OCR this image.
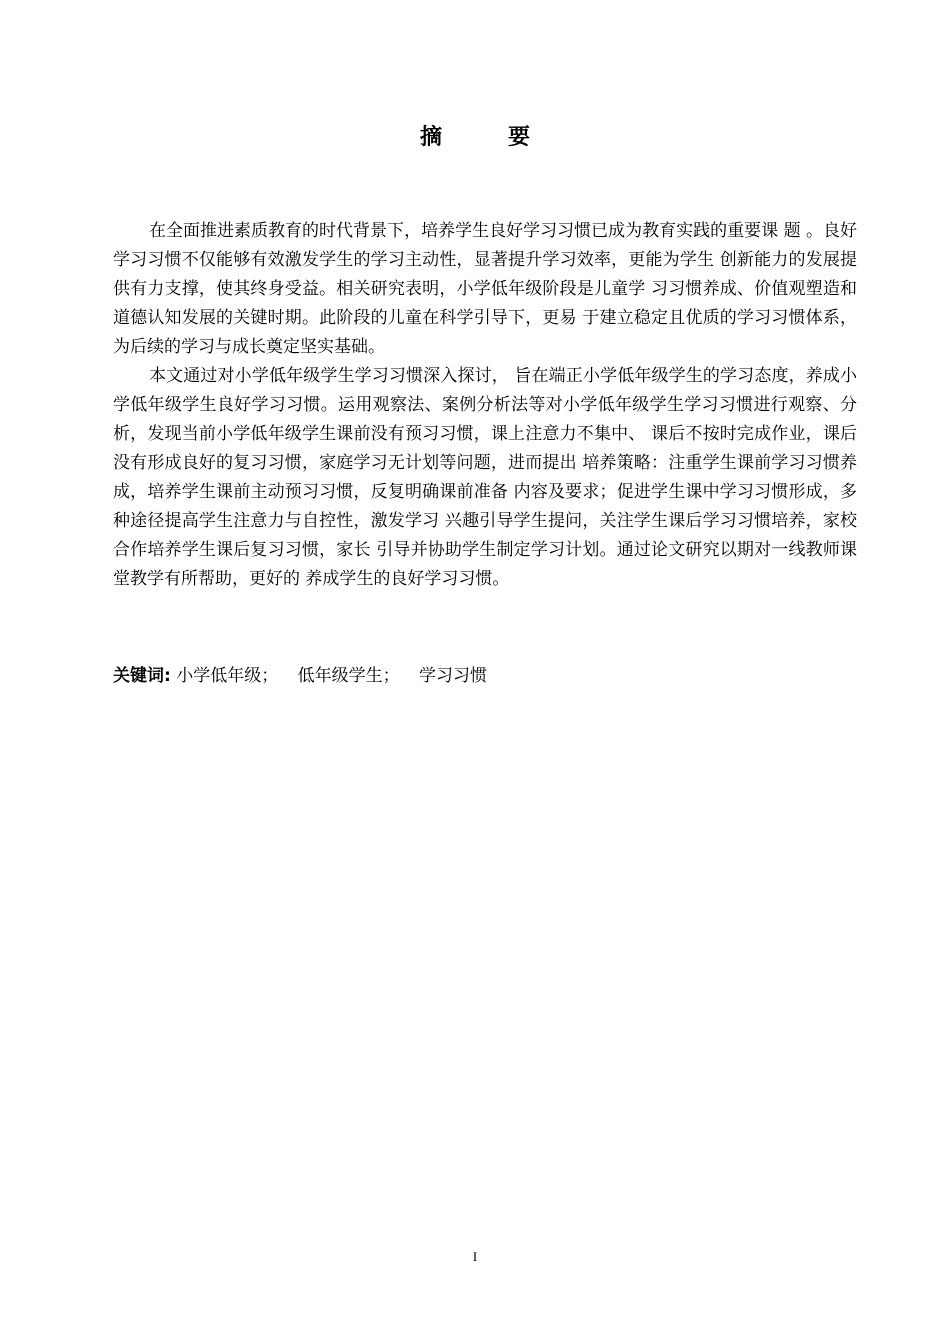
摘　要

在全面推进素质教育的时代背景下，培养学生良好学习习惯已成为教育实践的重要课 题 。良好学习习惯不仅能够有效激发学生的学习主动性，显著提升学习效率，更能为学生 创新能力的发展提供有力支撑，使其终身受益。相关研究表明，小学低年级阶段是儿童学 习习惯养成、价值观塑造和道德认知发展的关键时期。此阶段的儿童在科学引导下，更易 于建立稳定且优质的学习习惯体系， 为后续的学习与成长奠定坚实基础。

本文通过对小学低年级学生学习习惯深入探讨， 旨在端正小学低年级学生的学习态度，养成小学低年级学生良好学习习惯。运用观察法、案例分析法等对小学低年级学生学习习惯进行观察、分析，发现当前小学低年级学生课前没有预习习惯，课上注意力不集中、 课后不按时完成作业，课后没有形成良好的复习习惯，家庭学习无计划等问题，进而提出 培养策略：注重学生课前学习习惯养成，培养学生课前主动预习习惯，反复明确课前准备 内容及要求；促进学生课中学习习惯形成，多种途径提高学生注意力与自控性，激发学习 兴趣引导学生提问，关注学生课后学习习惯培养，家校合作培养学生课后复习习惯，家长 引导并协助学生制定学习计划。通过论文研究以期对一线教师课堂教学有所帮助，更好的 养成学生的良好学习习惯。

关键词: 小学低年级； 低年级学生； 学习习惯
I
